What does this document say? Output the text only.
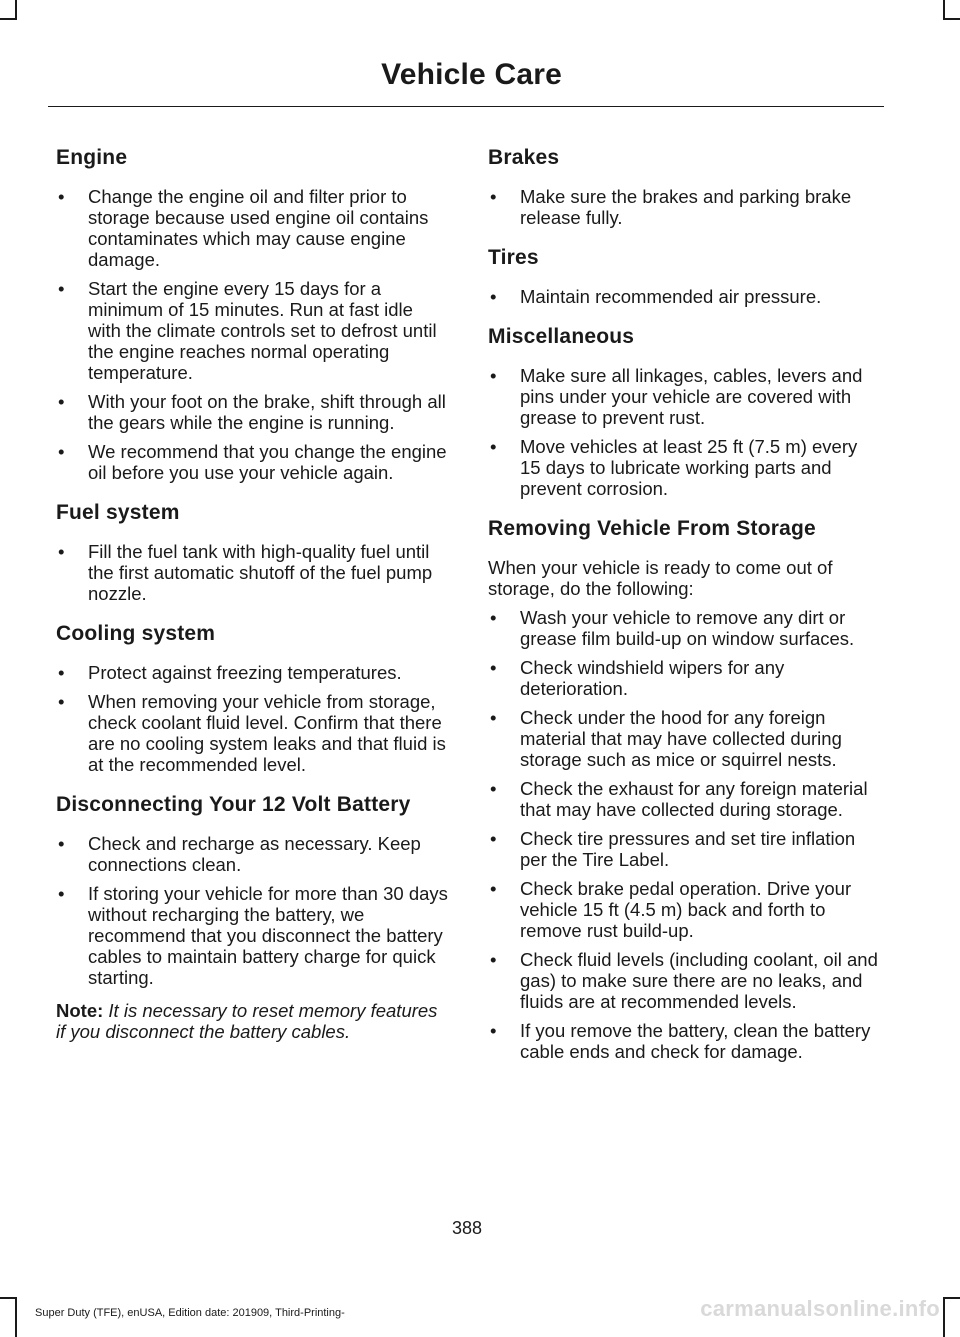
Vehicle Care
Engine
• Change the engine oil and filter prior to storage because used engine oil contains contaminates which may cause engine damage.
• Start the engine every 15 days for a minimum of 15 minutes. Run at fast idle with the climate controls set to defrost until the engine reaches normal operating temperature.
• With your foot on the brake, shift through all the gears while the engine is running.
• We recommend that you change the engine oil before you use your vehicle again.
Fuel system
• Fill the fuel tank with high-quality fuel until the first automatic shutoff of the fuel pump nozzle.
Cooling system
• Protect against freezing temperatures.
• When removing your vehicle from storage, check coolant fluid level. Confirm that there are no cooling system leaks and that fluid is at the recommended level.
Disconnecting Your 12 Volt Battery
• Check and recharge as necessary. Keep connections clean.
• If storing your vehicle for more than 30 days without recharging the battery, we recommend that you disconnect the battery cables to maintain battery charge for quick starting.

Note: It is necessary to reset memory features if you disconnect the battery cables.

Brakes
• Make sure the brakes and parking brake release fully.
Tires
• Maintain recommended air pressure.
Miscellaneous
• Make sure all linkages, cables, levers and pins under your vehicle are covered with grease to prevent rust.
• Move vehicles at least 25 ft (7.5 m) every 15 days to lubricate working parts and prevent corrosion.
Removing Vehicle From Storage

When your vehicle is ready to come out of storage, do the following:

• Wash your vehicle to remove any dirt or grease film build-up on window surfaces.
• Check windshield wipers for any deterioration.
• Check under the hood for any foreign material that may have collected during storage such as mice or squirrel nests.
• Check the exhaust for any foreign material that may have collected during storage.
• Check tire pressures and set tire inflation per the Tire Label.
• Check brake pedal operation. Drive your vehicle 15 ft (4.5 m) back and forth to remove rust build-up.
• Check fluid levels (including coolant, oil and gas) to make sure there are no leaks, and fluids are at recommended levels.
• If you remove the battery, clean the battery cable ends and check for damage.
388
Super Duty (TFE), enUSA, Edition date: 201909, Third-Printing-	carmanualsonline.info
